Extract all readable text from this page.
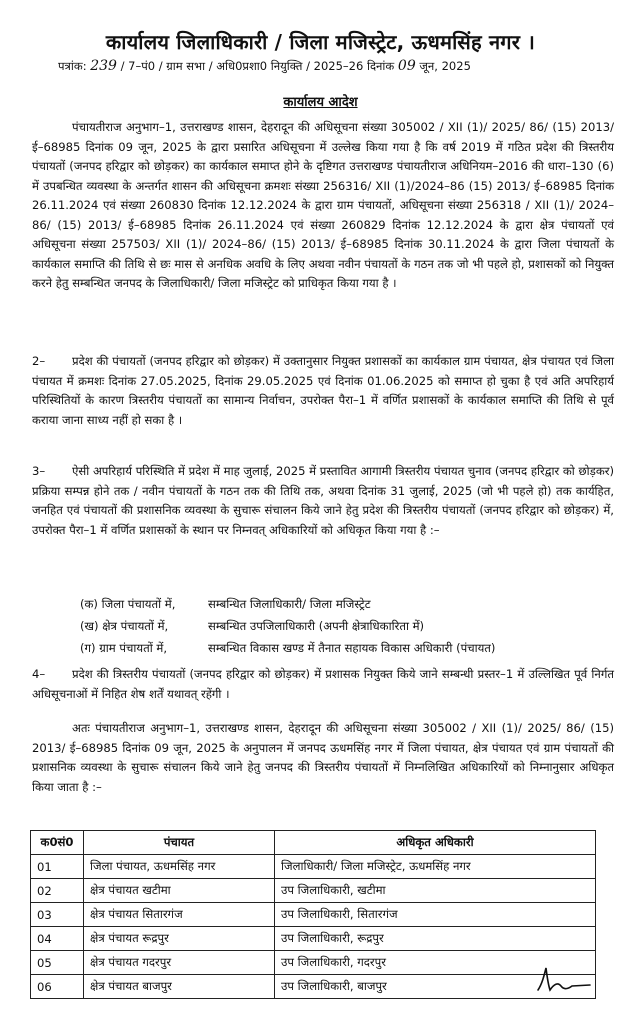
कार्यालय जिलाधिकारी / जिला मजिस्ट्रेट, ऊधमसिंह नगर ।
पत्रांक: 239 / 7–पं0 / ग्राम सभा / अधि0प्रशा0 नियुक्ति / 2025–26 दिनांक 09 जून, 2025
कार्यालय आदेश
पंचायतीराज अनुभाग–1, उत्तराखण्ड शासन, देहरादून की अधिसूचना संख्या 305002 / XII (1)/ 2025/ 86/ (15) 2013/ ई–68985 दिनांक 09 जून, 2025 के द्वारा प्रसारित अधिसूचना में उल्लेख किया गया है कि वर्ष 2019 में गठित प्रदेश की त्रिस्तरीय पंचायतों (जनपद हरिद्वार को छोड़कर) का कार्यकाल समाप्त होने के दृष्टिगत उत्तराखण्ड पंचायतीराज अधिनियम–2016 की धारा–130 (6) में उपबन्धित व्यवस्था के अन्तर्गत शासन की अधिसूचना क्रमशः संख्या 256316/ XII (1)/2024–86 (15) 2013/ ई–68985 दिनांक 26.11.2024 एवं संख्या 260830 दिनांक 12.12.2024 के द्वारा ग्राम पंचायतों, अधिसूचना संख्या 256318 / XII (1)/ 2024–86/ (15) 2013/ ई–68985 दिनांक 26.11.2024 एवं संख्या 260829 दिनांक 12.12.2024 के द्वारा क्षेत्र पंचायतों एवं अधिसूचना संख्या 257503/ XII (1)/ 2024–86/ (15) 2013/ ई–68985 दिनांक 30.11.2024 के द्वारा जिला पंचायतों के कार्यकाल समाप्ति की तिथि से छः मास से अनधिक अवधि के लिए अथवा नवीन पंचायतों के गठन तक जो भी पहले हो, प्रशासकों को नियुक्त करने हेतु सम्बन्धित जनपद के जिलाधिकारी/ जिला मजिस्ट्रेट को प्राधिकृत किया गया है ।
2– प्रदेश की पंचायतों (जनपद हरिद्वार को छोड़कर) में उक्तानुसार नियुक्त प्रशासकों का कार्यकाल ग्राम पंचायत, क्षेत्र पंचायत एवं जिला पंचायत में क्रमशः दिनांक 27.05.2025, दिनांक 29.05.2025 एवं दिनांक 01.06.2025 को समाप्त हो चुका है एवं अति अपरिहार्य परिस्थितियों के कारण त्रिस्तरीय पंचायतों का सामान्य निर्वाचन, उपरोक्त पैरा–1 में वर्णित प्रशासकों के कार्यकाल समाप्ति की तिथि से पूर्व कराया जाना साध्य नहीं हो सका है ।
3– ऐसी अपरिहार्य परिस्थिति में प्रदेश में माह जुलाई, 2025 में प्रस्तावित आगामी त्रिस्तरीय पंचायत चुनाव (जनपद हरिद्वार को छोड़कर) प्रक्रिया सम्पन्न होने तक / नवीन पंचायतों के गठन तक की तिथि तक, अथवा दिनांक 31 जुलाई, 2025 (जो भी पहले हो) तक कार्यहित, जनहित एवं पंचायतों की प्रशासनिक व्यवस्था के सुचारू संचालन किये जाने हेतु प्रदेश की त्रिस्तरीय पंचायतों (जनपद हरिद्वार को छोड़कर) में, उपरोक्त पैरा–1 में वर्णित प्रशासकों के स्थान पर निम्नवत् अधिकारियों को अधिकृत किया गया है :–
(क) जिला पंचायतों में,	सम्बन्धित जिलाधिकारी/ जिला मजिस्ट्रेट
(ख) क्षेत्र पंचायतों में,	सम्बन्धित उपजिलाधिकारी (अपनी क्षेत्राधिकारिता में)
(ग) ग्राम पंचायतों में,	सम्बन्धित विकास खण्ड में तैनात सहायक विकास अधिकारी (पंचायत)
4– प्रदेश की त्रिस्तरीय पंचायतों (जनपद हरिद्वार को छोड़कर) में प्रशासक नियुक्त किये जाने सम्बन्धी प्रस्तर–1 में उल्लिखित पूर्व निर्गत अधिसूचनाओं में निहित शेष शर्तें यथावत् रहेंगी ।
अतः पंचायतीराज अनुभाग–1, उत्तराखण्ड शासन, देहरादून की अधिसूचना संख्या 305002 / XII (1)/ 2025/ 86/ (15) 2013/ ई–68985 दिनांक 09 जून, 2025 के अनुपालन में जनपद ऊधमसिंह नगर में जिला पंचायत, क्षेत्र पंचायत एवं ग्राम पंचायतों की प्रशासनिक व्यवस्था के सुचारू संचालन किये जाने हेतु जनपद की त्रिस्तरीय पंचायतों में निम्नलिखित अधिकारियों को निम्नानुसार अधिकृत किया जाता है :–
क0सं0	पंचायत	अधिकृत अधिकारी
01	जिला पंचायत, ऊधमसिंह नगर	जिलाधिकारी/ जिला मजिस्ट्रेट, ऊधमसिंह नगर
02	क्षेत्र पंचायत खटीमा	उप जिलाधिकारी, खटीमा
03	क्षेत्र पंचायत सितारगंज	उप जिलाधिकारी, सितारगंज
04	क्षेत्र पंचायत रूद्रपुर	उप जिलाधिकारी, रूद्रपुर
05	क्षेत्र पंचायत गदरपुर	उप जिलाधिकारी, गदरपुर
06	क्षेत्र पंचायत बाजपुर	उप जिलाधिकारी, बाजपुर
